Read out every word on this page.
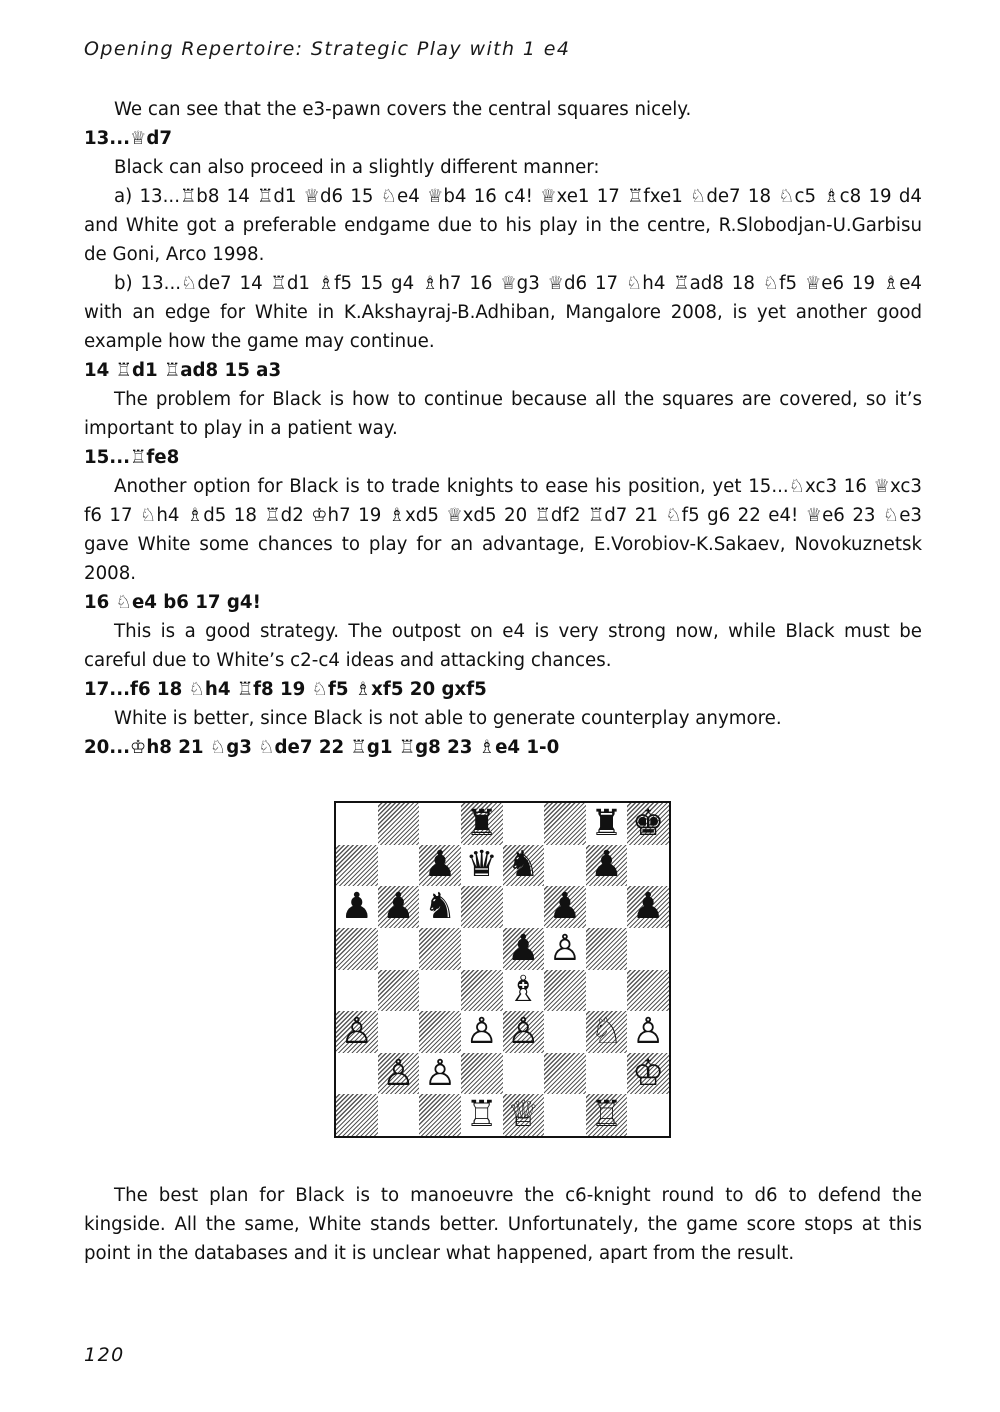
Opening Repertoire: Strategic Play with 1 e4

We can see that the e3-pawn covers the central squares nicely.

13...♕d7

Black can also proceed in a slightly different manner:

a) 13...♖b8 14 ♖d1 ♕d6 15 ♘e4 ♕b4 16 c4! ♕xe1 17 ♖fxe1 ♘de7 18 ♘c5 ♗c8 19 d4 and White got a preferable endgame due to his play in the centre, R.Slobodjan-U.Garbisu de Goni, Arco 1998.

b) 13...♘de7 14 ♖d1 ♗f5 15 g4 ♗h7 16 ♕g3 ♕d6 17 ♘h4 ♖ad8 18 ♘f5 ♕e6 19 ♗e4 with an edge for White in K.Akshayraj-B.Adhiban, Mangalore 2008, is yet another good example how the game may continue.

14 ♖d1 ♖ad8 15 a3

The problem for Black is how to continue because all the squares are covered, so it’s important to play in a patient way.

15...♖fe8

Another option for Black is to trade knights to ease his position, yet 15...♘xc3 16 ♕xc3 f6 17 ♘h4 ♗d5 18 ♖d2 ♔h7 19 ♗xd5 ♕xd5 20 ♖df2 ♖d7 21 ♘f5 g6 22 e4! ♕e6 23 ♘e3 gave White some chances to play for an advantage, E.Vorobiov-K.Sakaev, Novokuznetsk 2008.

16 ♘e4 b6 17 g4!

This is a good strategy. The outpost on e4 is very strong now, while Black must be careful due to White’s c2-c4 ideas and attacking chances.

17...f6 18 ♘h4 ♖f8 19 ♘f5 ♗xf5 20 gxf5

White is better, since Black is not able to generate counterplay anymore.

20...♔h8 21 ♘g3 ♘de7 22 ♖g1 ♖g8 23 ♗e4 1-0

♜	♜ ♚
♟ ♛ ♞ ♟
♟ ♟ ♞	♟ ♟
♟ ♙
♗
♙	♙ ♙ ♘ ♙
♙ ♙	♔
♖ ♕ ♖

The best plan for Black is to manoeuvre the c6-knight round to d6 to defend the kingside. All the same, White stands better. Unfortunately, the game score stops at this point in the databases and it is unclear what happened, apart from the result.

120
